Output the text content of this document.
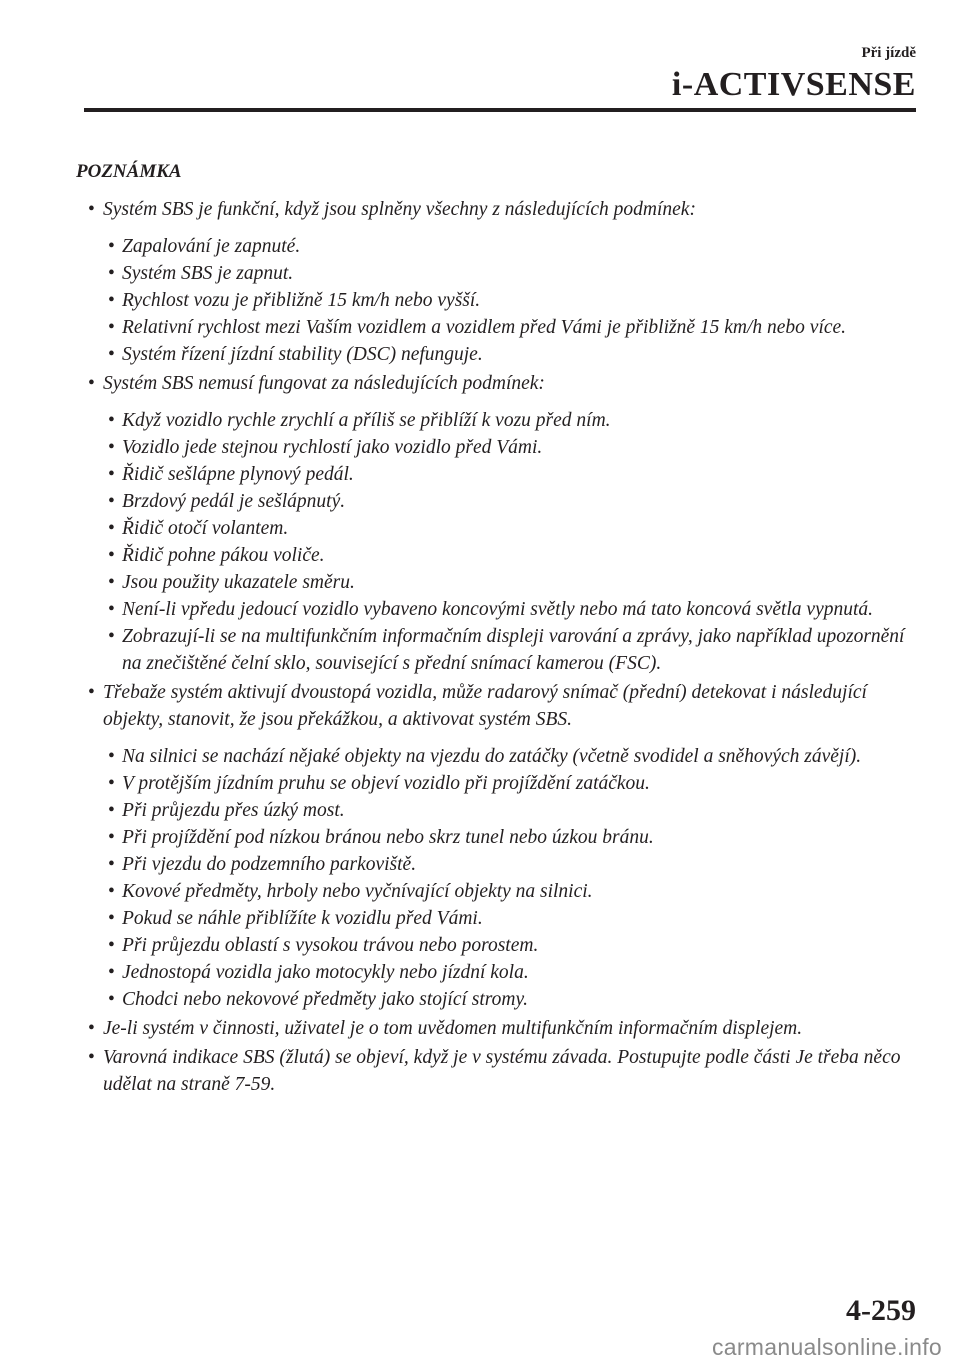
Při jízdě
i-ACTIVSENSE
POZNÁMKA
• Systém SBS je funkční, když jsou splněny všechny z následujících podmínek:
• Zapalování je zapnuté.
• Systém SBS je zapnut.
• Rychlost vozu je přibližně 15 km/h nebo vyšší.
• Relativní rychlost mezi Vaším vozidlem a vozidlem před Vámi je přibližně 15 km/h nebo více.
• Systém řízení jízdní stability (DSC) nefunguje.
• Systém SBS nemusí fungovat za následujících podmínek:
• Když vozidlo rychle zrychlí a příliš se přiblíží k vozu před ním.
• Vozidlo jede stejnou rychlostí jako vozidlo před Vámi.
• Řidič sešlápne plynový pedál.
• Brzdový pedál je sešlápnutý.
• Řidič otočí volantem.
• Řidič pohne pákou voliče.
• Jsou použity ukazatele směru.
• Není-li vpředu jedoucí vozidlo vybaveno koncovými světly nebo má tato koncová světla vypnutá.
• Zobrazují-li se na multifunkčním informačním displeji varování a zprávy, jako například upozornění na znečištěné čelní sklo, související s přední snímací kamerou (FSC).
• Třebaže systém aktivují dvoustopá vozidla, může radarový snímač (přední) detekovat i následující objekty, stanovit, že jsou překážkou, a aktivovat systém SBS.
• Na silnici se nachází nějaké objekty na vjezdu do zatáčky (včetně svodidel a sněhových závějí).
• V protějším jízdním pruhu se objeví vozidlo při projíždění zatáčkou.
• Při průjezdu přes úzký most.
• Při projíždění pod nízkou bránou nebo skrz tunel nebo úzkou bránu.
• Při vjezdu do podzemního parkoviště.
• Kovové předměty, hrboly nebo vyčnívající objekty na silnici.
• Pokud se náhle přiblížíte k vozidlu před Vámi.
• Při průjezdu oblastí s vysokou trávou nebo porostem.
• Jednostopá vozidla jako motocykly nebo jízdní kola.
• Chodci nebo nekovové předměty jako stojící stromy.
• Je-li systém v činnosti, uživatel je o tom uvědomen multifunkčním informačním displejem.
• Varovná indikace SBS (žlutá) se objeví, když je v systému závada. Postupujte podle části Je třeba něco udělat na straně 7-59.
4-259
carmanualsonline.info
